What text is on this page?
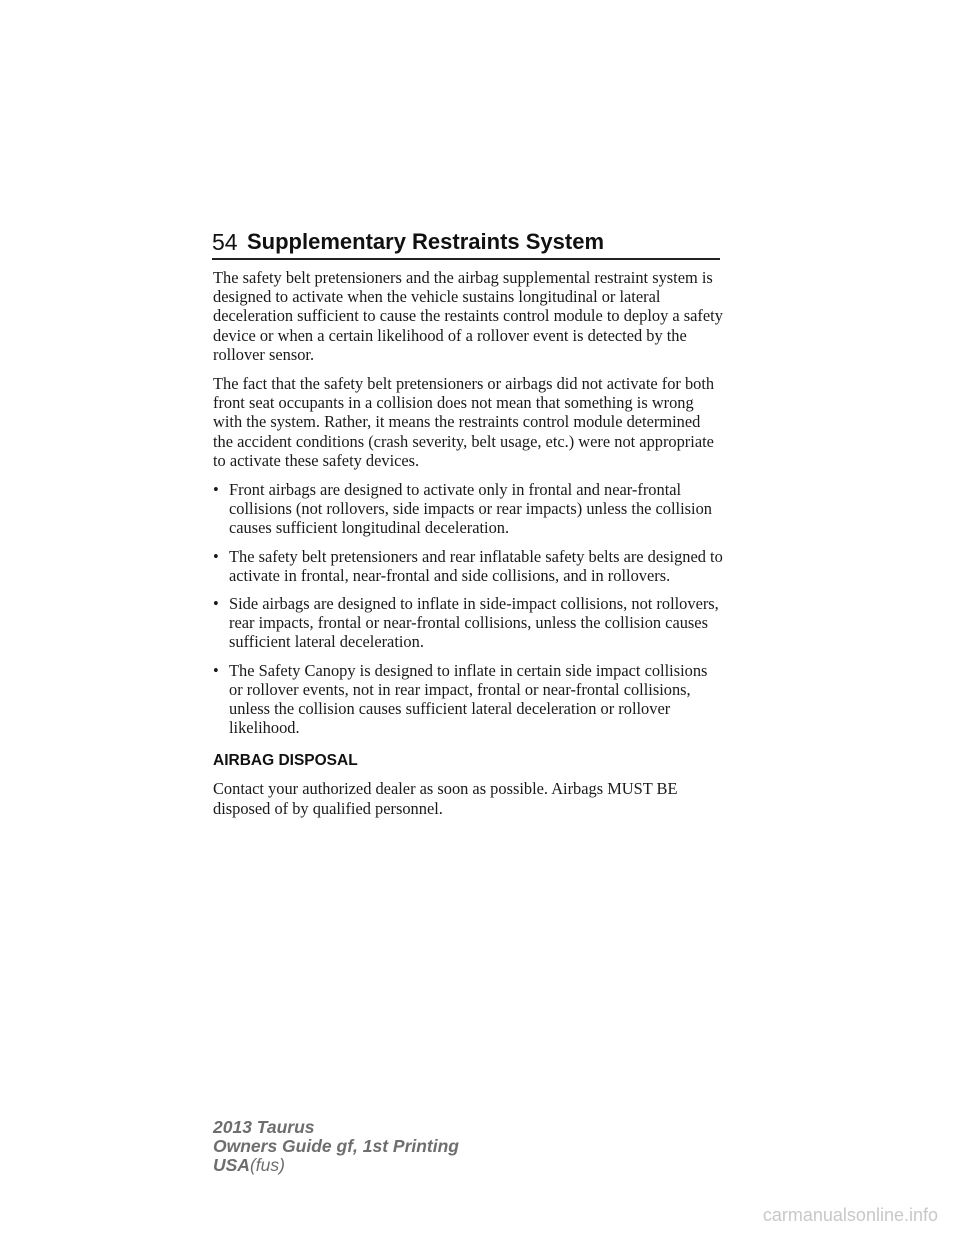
54 Supplementary Restraints System

The safety belt pretensioners and the airbag supplemental restraint system is designed to activate when the vehicle sustains longitudinal or lateral deceleration sufficient to cause the restaints control module to deploy a safety device or when a certain likelihood of a rollover event is detected by the rollover sensor.

The fact that the safety belt pretensioners or airbags did not activate for both front seat occupants in a collision does not mean that something is wrong with the system. Rather, it means the restraints control module determined the accident conditions (crash severity, belt usage, etc.) were not appropriate to activate these safety devices.

• Front airbags are designed to activate only in frontal and near-frontal collisions (not rollovers, side impacts or rear impacts) unless the collision causes sufficient longitudinal deceleration.
• The safety belt pretensioners and rear inflatable safety belts are designed to activate in frontal, near-frontal and side collisions, and in rollovers.
• Side airbags are designed to inflate in side-impact collisions, not rollovers, rear impacts, frontal or near-frontal collisions, unless the collision causes sufficient lateral deceleration.
• The Safety Canopy is designed to inflate in certain side impact collisions or rollover events, not in rear impact, frontal or near-frontal collisions, unless the collision causes sufficient lateral deceleration or rollover likelihood.
AIRBAG DISPOSAL

Contact your authorized dealer as soon as possible. Airbags MUST BE disposed of by qualified personnel.

2013 Taurus
Owners Guide gf, 1st Printing
USA(fus)
carmanualsonline.info
